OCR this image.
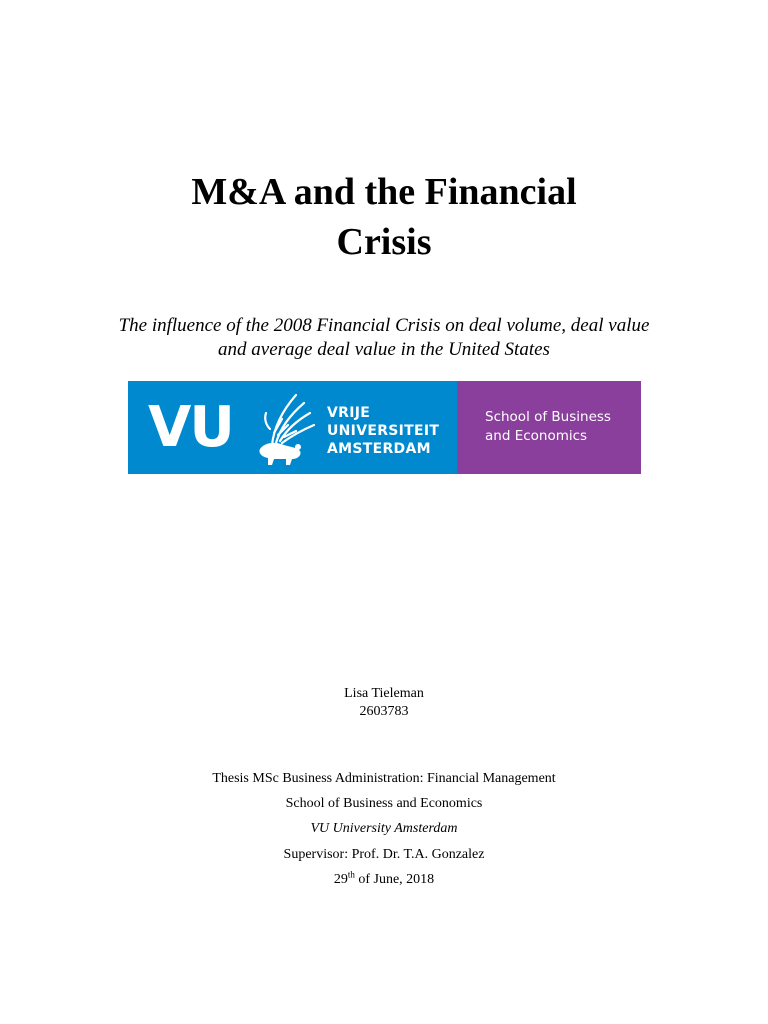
M&A and the Financial
Crisis
The influence of the 2008 Financial Crisis on deal volume, deal value
and average deal value in the United States
VU	VRIJE
UNIVERSITEIT
AMSTERDAM
School of Business
and Economics
Lisa Tieleman
2603783
Thesis MSc Business Administration: Financial Management
School of Business and Economics
VU University Amsterdam
Supervisor: Prof. Dr. T.A. Gonzalez
29th of June, 2018
